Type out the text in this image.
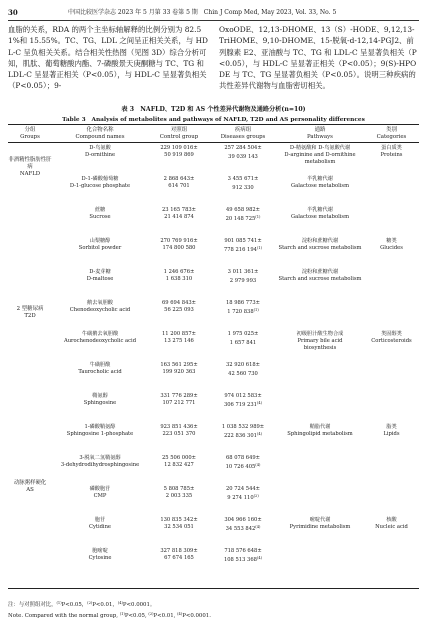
30	中国比较医学杂志 2023 年 5 月第 33 卷第 5 期　Chin J Comp Med, May 2023, Vol. 33, No. 5

血脂的关系，RDA 的两个主坐标轴解释的比例分别为 82.51%和 15.55%。TC、TG、LDL 之间呈正相关关系，与 HDL-C 呈负相关关系。结合相关性热图（见图 3D）综合分析可知，肌肽、葡萄糖酸内酯、7-磷酸景天庚酮糖与 TC、TG 和 LDL-C 呈显著正相关（P<0.05），与 HDL-C 呈显著负相关（P<0.05）；9-

OxoODE、12,13-DHOME、13（S）-HODE、9,12,13-TriHOME、9,10-DHOME、15-脱氧-d-12,14-PGJ2、前列腺素 E2、亚油酸与 TC、TG 和 LDL-C 呈显著负相关（P<0.05），与 HDL-C 呈显著正相关（P<0.05）；9(S)-HPODE 与 TC、TG 呈显著负相关（P<0.05）。说明三种疾病的共性差异代谢物与血脂密切相关。

表 3　NAFLD、T2D 和 AS 个性差异代谢物及通路分析(n=10)
Table 3　Analysis of metabolites and pathways of NAFLD, T2D and AS personality differences
分组
Groups
化合物名称
Compound names
对照组
Control group
疾病组
Diseases groups
通路
Pathways
类别
Categories
非酒精性脂肪性肝病
NAFLD
2 型糖尿病
T2D
动脉粥样硬化
AS
D-鸟氨酸
D-ornithine
229 109 016±
50 919 869
257 284 504±
39 039 143
D-精氨酸和 D-鸟氨酸代谢
D-arginine and D-ornithine
metabolism
蛋白质类
Proteins
D-1-磷酸葡萄糖
D-1-glucose phosphate
2 868 643±
614 701
3 455 671±
912 330
半乳糖代谢
Galactose metabolism
蔗糖
Sucrose
23 165 783±
21 414 874
49 658 982±
20 148 725$^{(1)}$
半乳糖代谢
Galactose metabolism
山梨糖醇
Sorbitol powder
270 769 916±
174 800 580
901 085 741±
778 216 194$^{(1)}$
淀粉和蔗糖代谢
Starch and sucrose metabolism
糖类
Glucides
D-麦芽糖
D-maltose
1 246 676±
1 638 310
3 011 361±
2 979 993
淀粉和蔗糖代谢
Starch and sucrose metabolism
鹅去氧胆酸
Chenodeoxycholic acid
69 694 843±
56 225 093
18 986 773±
1 720 838$^{(1)}$
牛磺鹅去氧胆酸
Aurochenodeoxycholic acid
11 200 857±
13 275 146
1 975 025±
1 657 841
初级胆汁酸生物合成
Primary bile acid
biosynthesis
类固醇类
Corticosteroids
牛磺胆酸
Taurocholic acid
163 561 295±
199 920 363
32 920 618±
42 560 730
鞘氨醇
Sphingosine
331 776 289±
107 212 771
974 012 583±
306 719 231$^{(4)}$
1-磷酸鞘氨醇
Sphingosine 1-phosphate
923 851 436±
223 051 370
1 038 532 989±
222 836 301$^{(4)}$
鞘脂代谢
Sphingolipid metabolism
脂类
Lipids
3-脱氧二氢鞘氨醇
3-dehydrodihydrosphingosine
25 506 000±
12 832 427
68 078 649±
10 726 405$^{(4)}$
磷酸胞苷
CMP
5 808 785±
2 003 335
20 724 544±
9 274 110$^{(2)}$
胞苷
Cytidine
130 835 342±
32 534 051
304 966 160±
34 553 842$^{(4)}$
嘧啶代谢
Pyrimidine metabolism
核酸
Nucleic acid
胞嘧啶
Cytosine
327 818 309±
67 674 165
718 576 648±
108 513 368$^{(4)}$
注：与对照组对比，$^{(1)}$P<0.05，$^{(2)}$P<0.01，$^{(4)}$P<0.0001。
Note. Compared with the normal group, $^{(1)}$P<0.05, $^{(2)}$P<0.01, $^{(4)}$P<0.0001.
